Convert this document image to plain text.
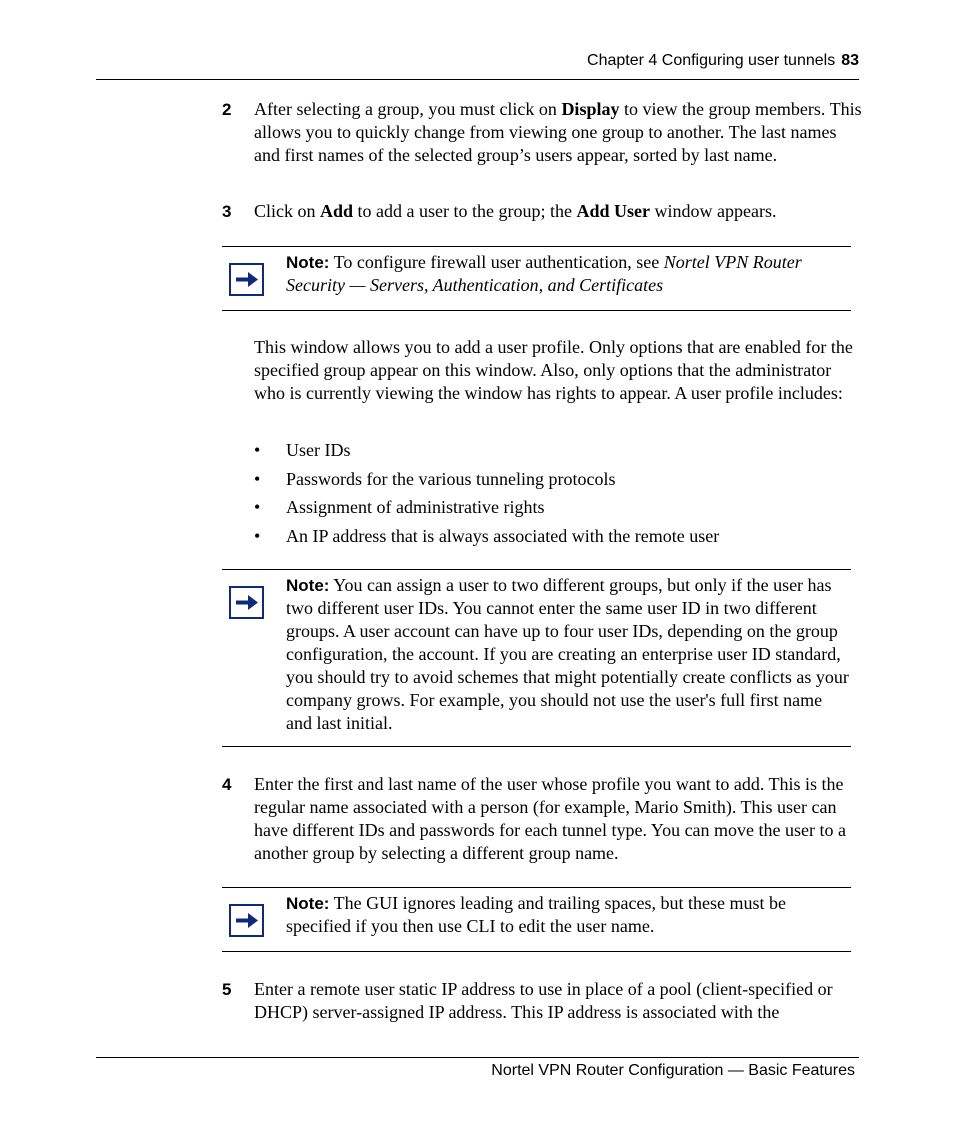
Chapter 4 Configuring user tunnels 83
2 After selecting a group, you must click on Display to view the group members. This allows you to quickly change from viewing one group to another. The last names and first names of the selected group’s users appear, sorted by last name.
3 Click on Add to add a user to the group; the Add User window appears.
Note: To configure firewall user authentication, see Nortel VPN Router Security — Servers, Authentication, and Certificates
This window allows you to add a user profile. Only options that are enabled for the specified group appear on this window. Also, only options that the administrator who is currently viewing the window has rights to appear. A user profile includes:
• User IDs
• Passwords for the various tunneling protocols
• Assignment of administrative rights
• An IP address that is always associated with the remote user
Note: You can assign a user to two different groups, but only if the user has two different user IDs. You cannot enter the same user ID in two different groups. A user account can have up to four user IDs, depending on the group configuration, the account. If you are creating an enterprise user ID standard, you should try to avoid schemes that might potentially create conflicts as your company grows. For example, you should not use the user's full first name and last initial.
4 Enter the first and last name of the user whose profile you want to add. This is the regular name associated with a person (for example, Mario Smith). This user can have different IDs and passwords for each tunnel type. You can move the user to a another group by selecting a different group name.
Note: The GUI ignores leading and trailing spaces, but these must be specified if you then use CLI to edit the user name.
5 Enter a remote user static IP address to use in place of a pool (client-specified or DHCP) server-assigned IP address. This IP address is associated with the
Nortel VPN Router Configuration — Basic Features
